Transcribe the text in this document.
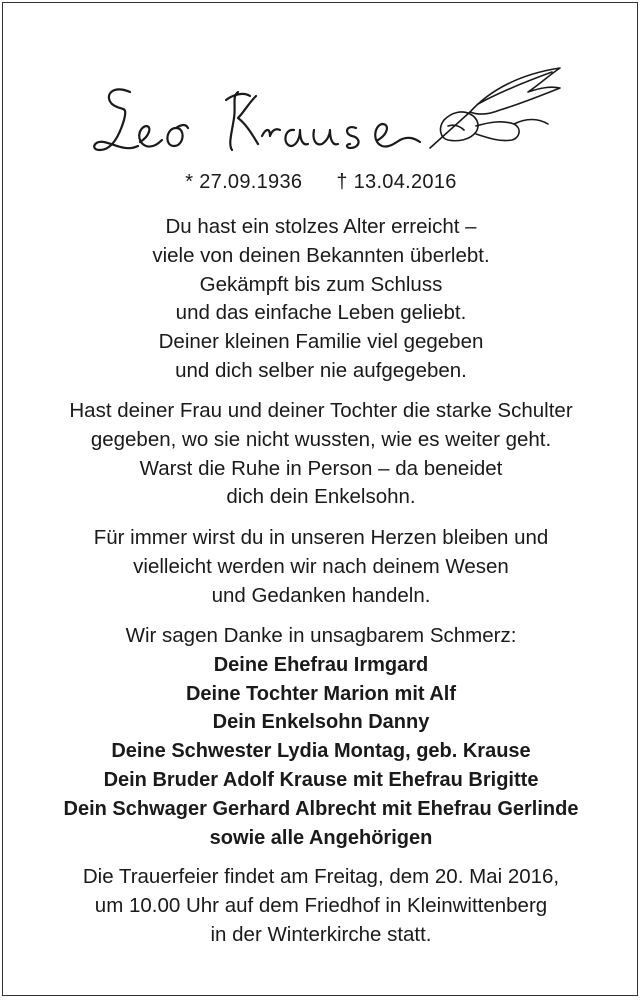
* 27.09.1936 † 13.04.2016
Du hast ein stolzes Alter erreicht –
viele von deinen Bekannten überlebt.
Gekämpft bis zum Schluss
und das einfache Leben geliebt.
Deiner kleinen Familie viel gegeben
und dich selber nie aufgegeben.
Hast deiner Frau und deiner Tochter die starke Schulter
gegeben, wo sie nicht wussten, wie es weiter geht.
Warst die Ruhe in Person – da beneidet
dich dein Enkelsohn.
Für immer wirst du in unseren Herzen bleiben und
vielleicht werden wir nach deinem Wesen
und Gedanken handeln.
Wir sagen Danke in unsagbarem Schmerz:
Deine Ehefrau Irmgard
Deine Tochter Marion mit Alf
Dein Enkelsohn Danny
Deine Schwester Lydia Montag, geb. Krause
Dein Bruder Adolf Krause mit Ehefrau Brigitte
Dein Schwager Gerhard Albrecht mit Ehefrau Gerlinde
sowie alle Angehörigen
Die Trauerfeier findet am Freitag, dem 20. Mai 2016,
um 10.00 Uhr auf dem Friedhof in Kleinwittenberg
in der Winterkirche statt.
